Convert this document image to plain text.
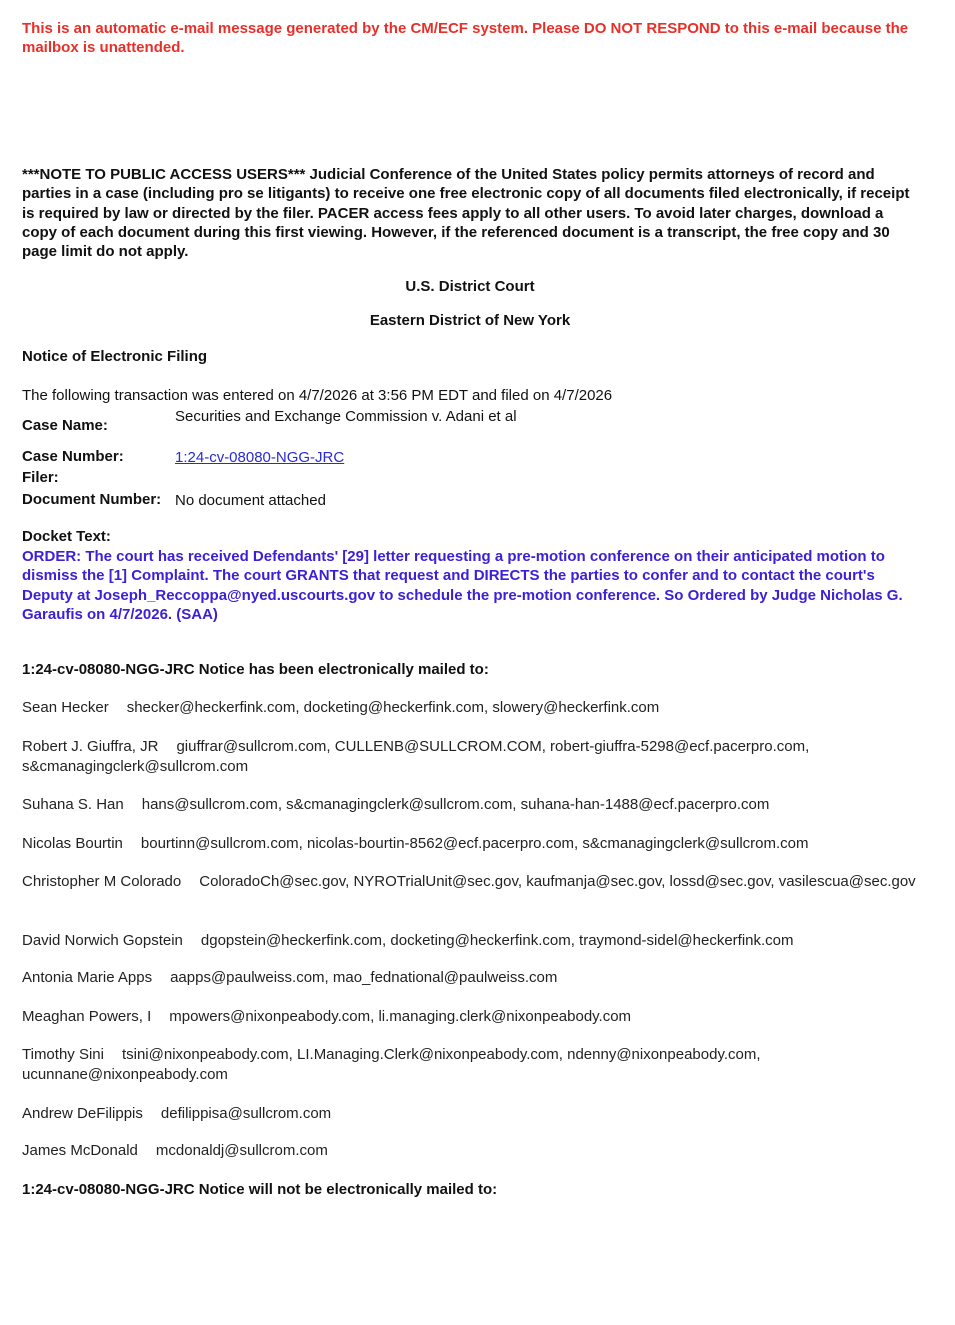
This is an automatic e-mail message generated by the CM/ECF system. Please DO NOT RESPOND to this e-mail because the mailbox is unattended.
***NOTE TO PUBLIC ACCESS USERS*** Judicial Conference of the United States policy permits attorneys of record and parties in a case (including pro se litigants) to receive one free electronic copy of all documents filed electronically, if receipt is required by law or directed by the filer. PACER access fees apply to all other users. To avoid later charges, download a copy of each document during this first viewing. However, if the referenced document is a transcript, the free copy and 30 page limit do not apply.
U.S. District Court
Eastern District of New York
Notice of Electronic Filing
The following transaction was entered on 4/7/2026 at 3:56 PM EDT and filed on 4/7/2026
Case Name:
Securities and Exchange Commission v. Adani et al
Case Number:	1:24-cv-08080-NGG-JRC
Filer:
Document Number: No document attached
Docket Text:
ORDER: The court has received Defendants' [29] letter requesting a pre-motion conference on their anticipated motion to dismiss the [1] Complaint. The court GRANTS that request and DIRECTS the parties to confer and to contact the court's Deputy at Joseph_Reccoppa@nyed.uscourts.gov to schedule the pre-motion conference. So Ordered by Judge Nicholas G. Garaufis on 4/7/2026. (SAA)
1:24-cv-08080-NGG-JRC Notice has been electronically mailed to:
Sean Hecker shecker@heckerfink.com, docketing@heckerfink.com, slowery@heckerfink.com
Robert J. Giuffra, JR giuffrar@sullcrom.com, CULLENB@SULLCROM.COM, robert-giuffra-5298@ecf.pacerpro.com, s&cmanagingclerk@sullcrom.com
Suhana S. Han hans@sullcrom.com, s&cmanagingclerk@sullcrom.com, suhana-han-1488@ecf.pacerpro.com
Nicolas Bourtin bourtinn@sullcrom.com, nicolas-bourtin-8562@ecf.pacerpro.com, s&cmanagingclerk@sullcrom.com
Christopher M Colorado ColoradoCh@sec.gov, NYROTrialUnit@sec.gov, kaufmanja@sec.gov, lossd@sec.gov, vasilescua@sec.gov
David Norwich Gopstein dgopstein@heckerfink.com, docketing@heckerfink.com, traymond-sidel@heckerfink.com
Antonia Marie Apps aapps@paulweiss.com, mao_fednational@paulweiss.com
Meaghan Powers, I mpowers@nixonpeabody.com, li.managing.clerk@nixonpeabody.com
Timothy Sini tsini@nixonpeabody.com, LI.Managing.Clerk@nixonpeabody.com, ndenny@nixonpeabody.com, ucunnane@nixonpeabody.com
Andrew DeFilippis defilippisa@sullcrom.com
James McDonald mcdonaldj@sullcrom.com
1:24-cv-08080-NGG-JRC Notice will not be electronically mailed to:
